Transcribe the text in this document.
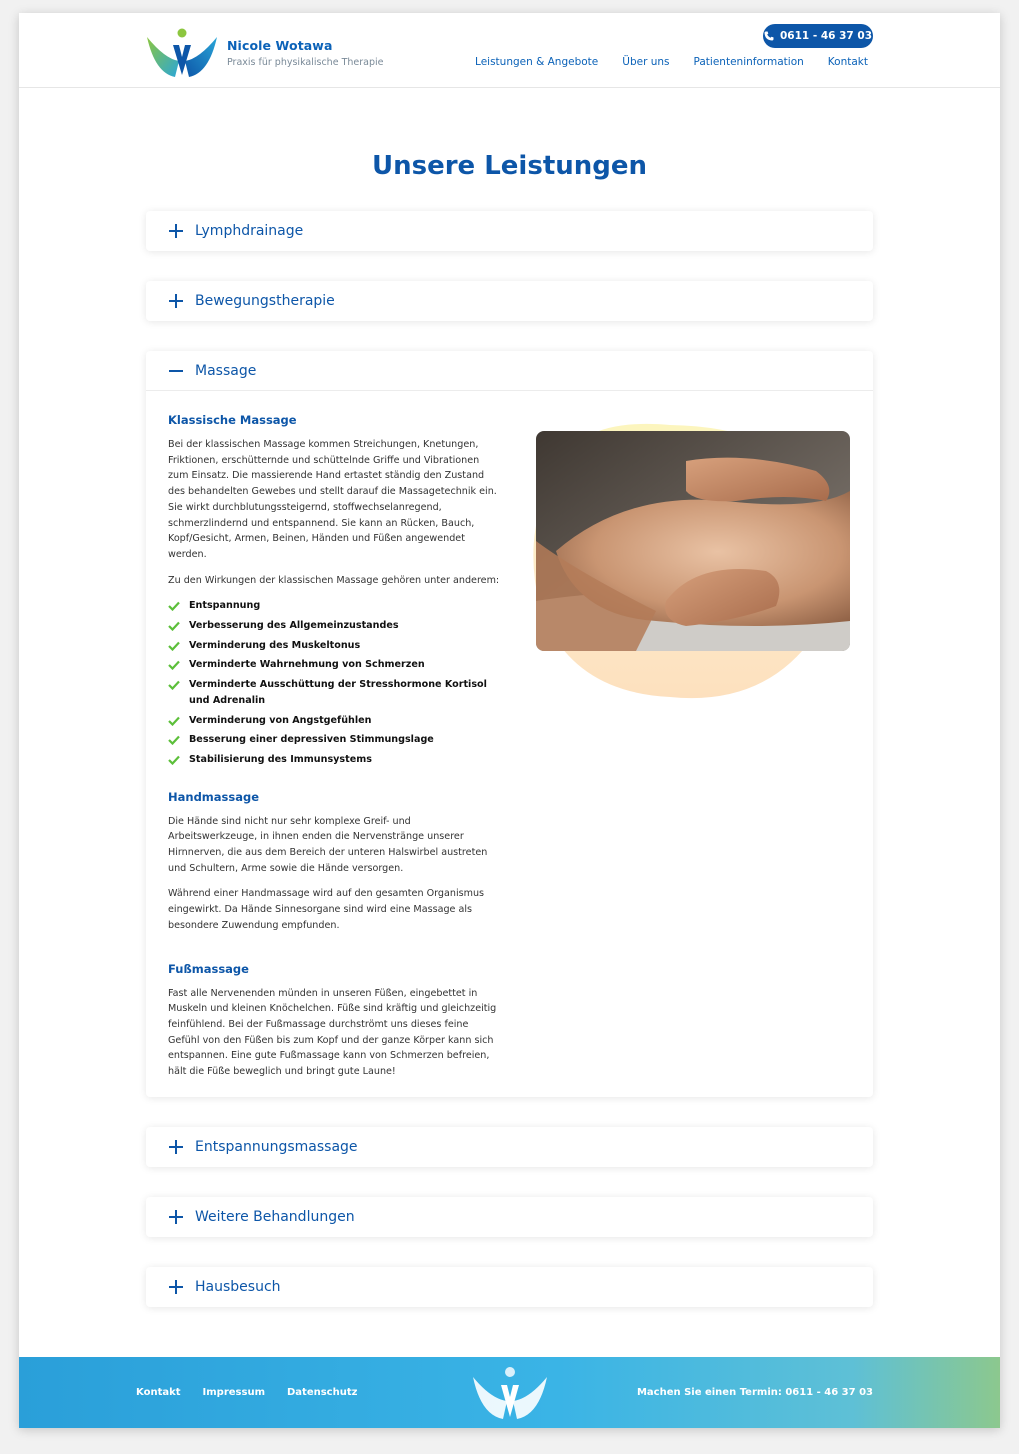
Nicole Wotawa
Praxis für physikalische Therapie
0611 - 46 37 03
Leistungen & Angebote Über uns Patienteninformation Kontakt
Unsere Leistungen
Lymphdrainage
Bewegungstherapie
Massage
Klassische Massage

Bei der klassischen Massage kommen Streichungen, Knetungen, Friktionen, erschütternde und schüttelnde Griffe und Vibrationen zum Einsatz. Die massierende Hand ertastet ständig den Zustand des behandelten Gewebes und stellt darauf die Massagetechnik ein. Sie wirkt durchblutungssteigernd, stoffwechselanregend, schmerzlindernd und entspannend. Sie kann an Rücken, Bauch, Kopf/Gesicht, Armen, Beinen, Händen und Füßen angewendet werden.

Zu den Wirkungen der klassischen Massage gehören unter anderem:

Entspannung
Verbesserung des Allgemeinzustandes
Verminderung des Muskeltonus
Verminderte Wahrnehmung von Schmerzen
Verminderte Ausschüttung der Stresshormone Kortisol und Adrenalin
Verminderung von Angstgefühlen
Besserung einer depressiven Stimmungslage
Stabilisierung des Immunsystems
Handmassage

Die Hände sind nicht nur sehr komplexe Greif- und Arbeitswerkzeuge, in ihnen enden die Nervenstränge unserer Hirnnerven, die aus dem Bereich der unteren Halswirbel austreten und Schultern, Arme sowie die Hände versorgen.

Während einer Handmassage wird auf den gesamten Organismus eingewirkt. Da Hände Sinnesorgane sind wird eine Massage als besondere Zuwendung empfunden.

Fußmassage

Fast alle Nervenenden münden in unseren Füßen, eingebettet in Muskeln und kleinen Knöchelchen. Füße sind kräftig und gleichzeitig feinfühlend. Bei der Fußmassage durchströmt uns dieses feine Gefühl von den Füßen bis zum Kopf und der ganze Körper kann sich entspannen. Eine gute Fußmassage kann von Schmerzen befreien, hält die Füße beweglich und bringt gute Laune!

Entspannungsmassage
Weitere Behandlungen
Hausbesuch
Kontakt Impressum Datenschutz	Machen Sie einen Termin: 0611 - 46 37 03
